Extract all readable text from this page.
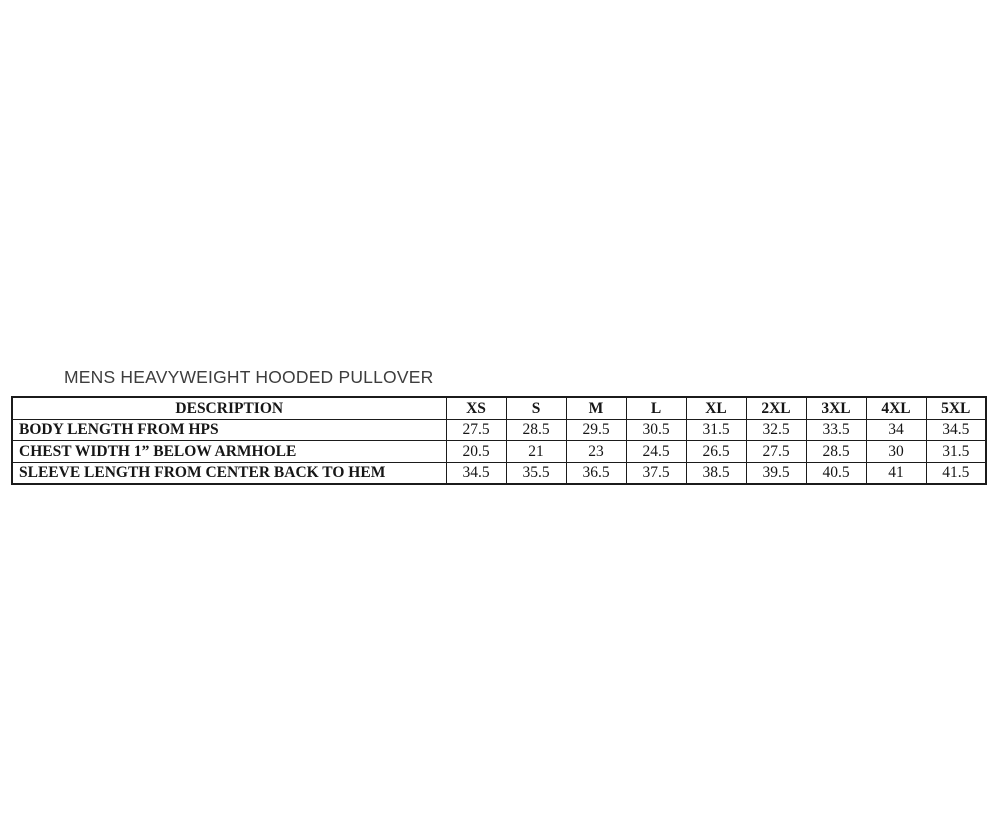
MENS HEAVYWEIGHT HOODED PULLOVER
DESCRIPTION	XS	S	M	L	XL	2XL	3XL	4XL	5XL
BODY LENGTH FROM HPS	27.5	28.5	29.5	30.5	31.5	32.5	33.5	34	34.5
CHEST WIDTH 1” BELOW ARMHOLE	20.5	21	23	24.5	26.5	27.5	28.5	30	31.5
SLEEVE LENGTH FROM CENTER BACK TO HEM	34.5	35.5	36.5	37.5	38.5	39.5	40.5	41	41.5
